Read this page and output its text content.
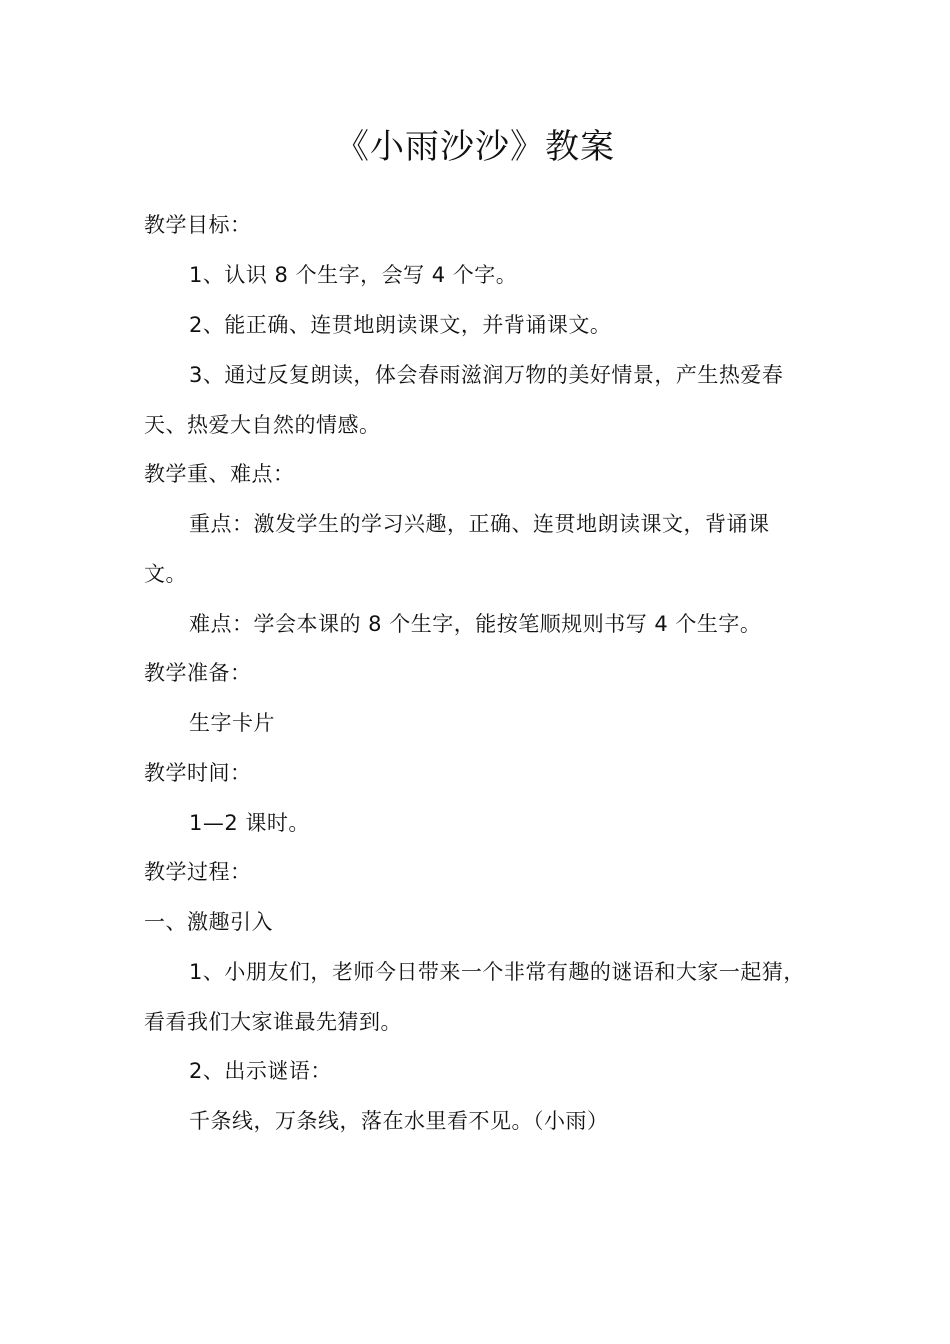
《小雨沙沙》教案
教学目标：
1、认识 8 个生字，会写 4 个字。
2、能正确、连贯地朗读课文，并背诵课文。
3、通过反复朗读，体会春雨滋润万物的美好情景，产生热爱春
天、热爱大自然的情感。
教学重、难点：
重点：激发学生的学习兴趣，正确、连贯地朗读课文，背诵课
文。
难点：学会本课的 8 个生字，能按笔顺规则书写 4 个生字。
教学准备：
生字卡片
教学时间：
1—2 课时。
教学过程：
一、激趣引入
1、小朋友们，老师今日带来一个非常有趣的谜语和大家一起猜，
看看我们大家谁最先猜到。
2、出示谜语：
千条线，万条线，落在水里看不见。（小雨）
